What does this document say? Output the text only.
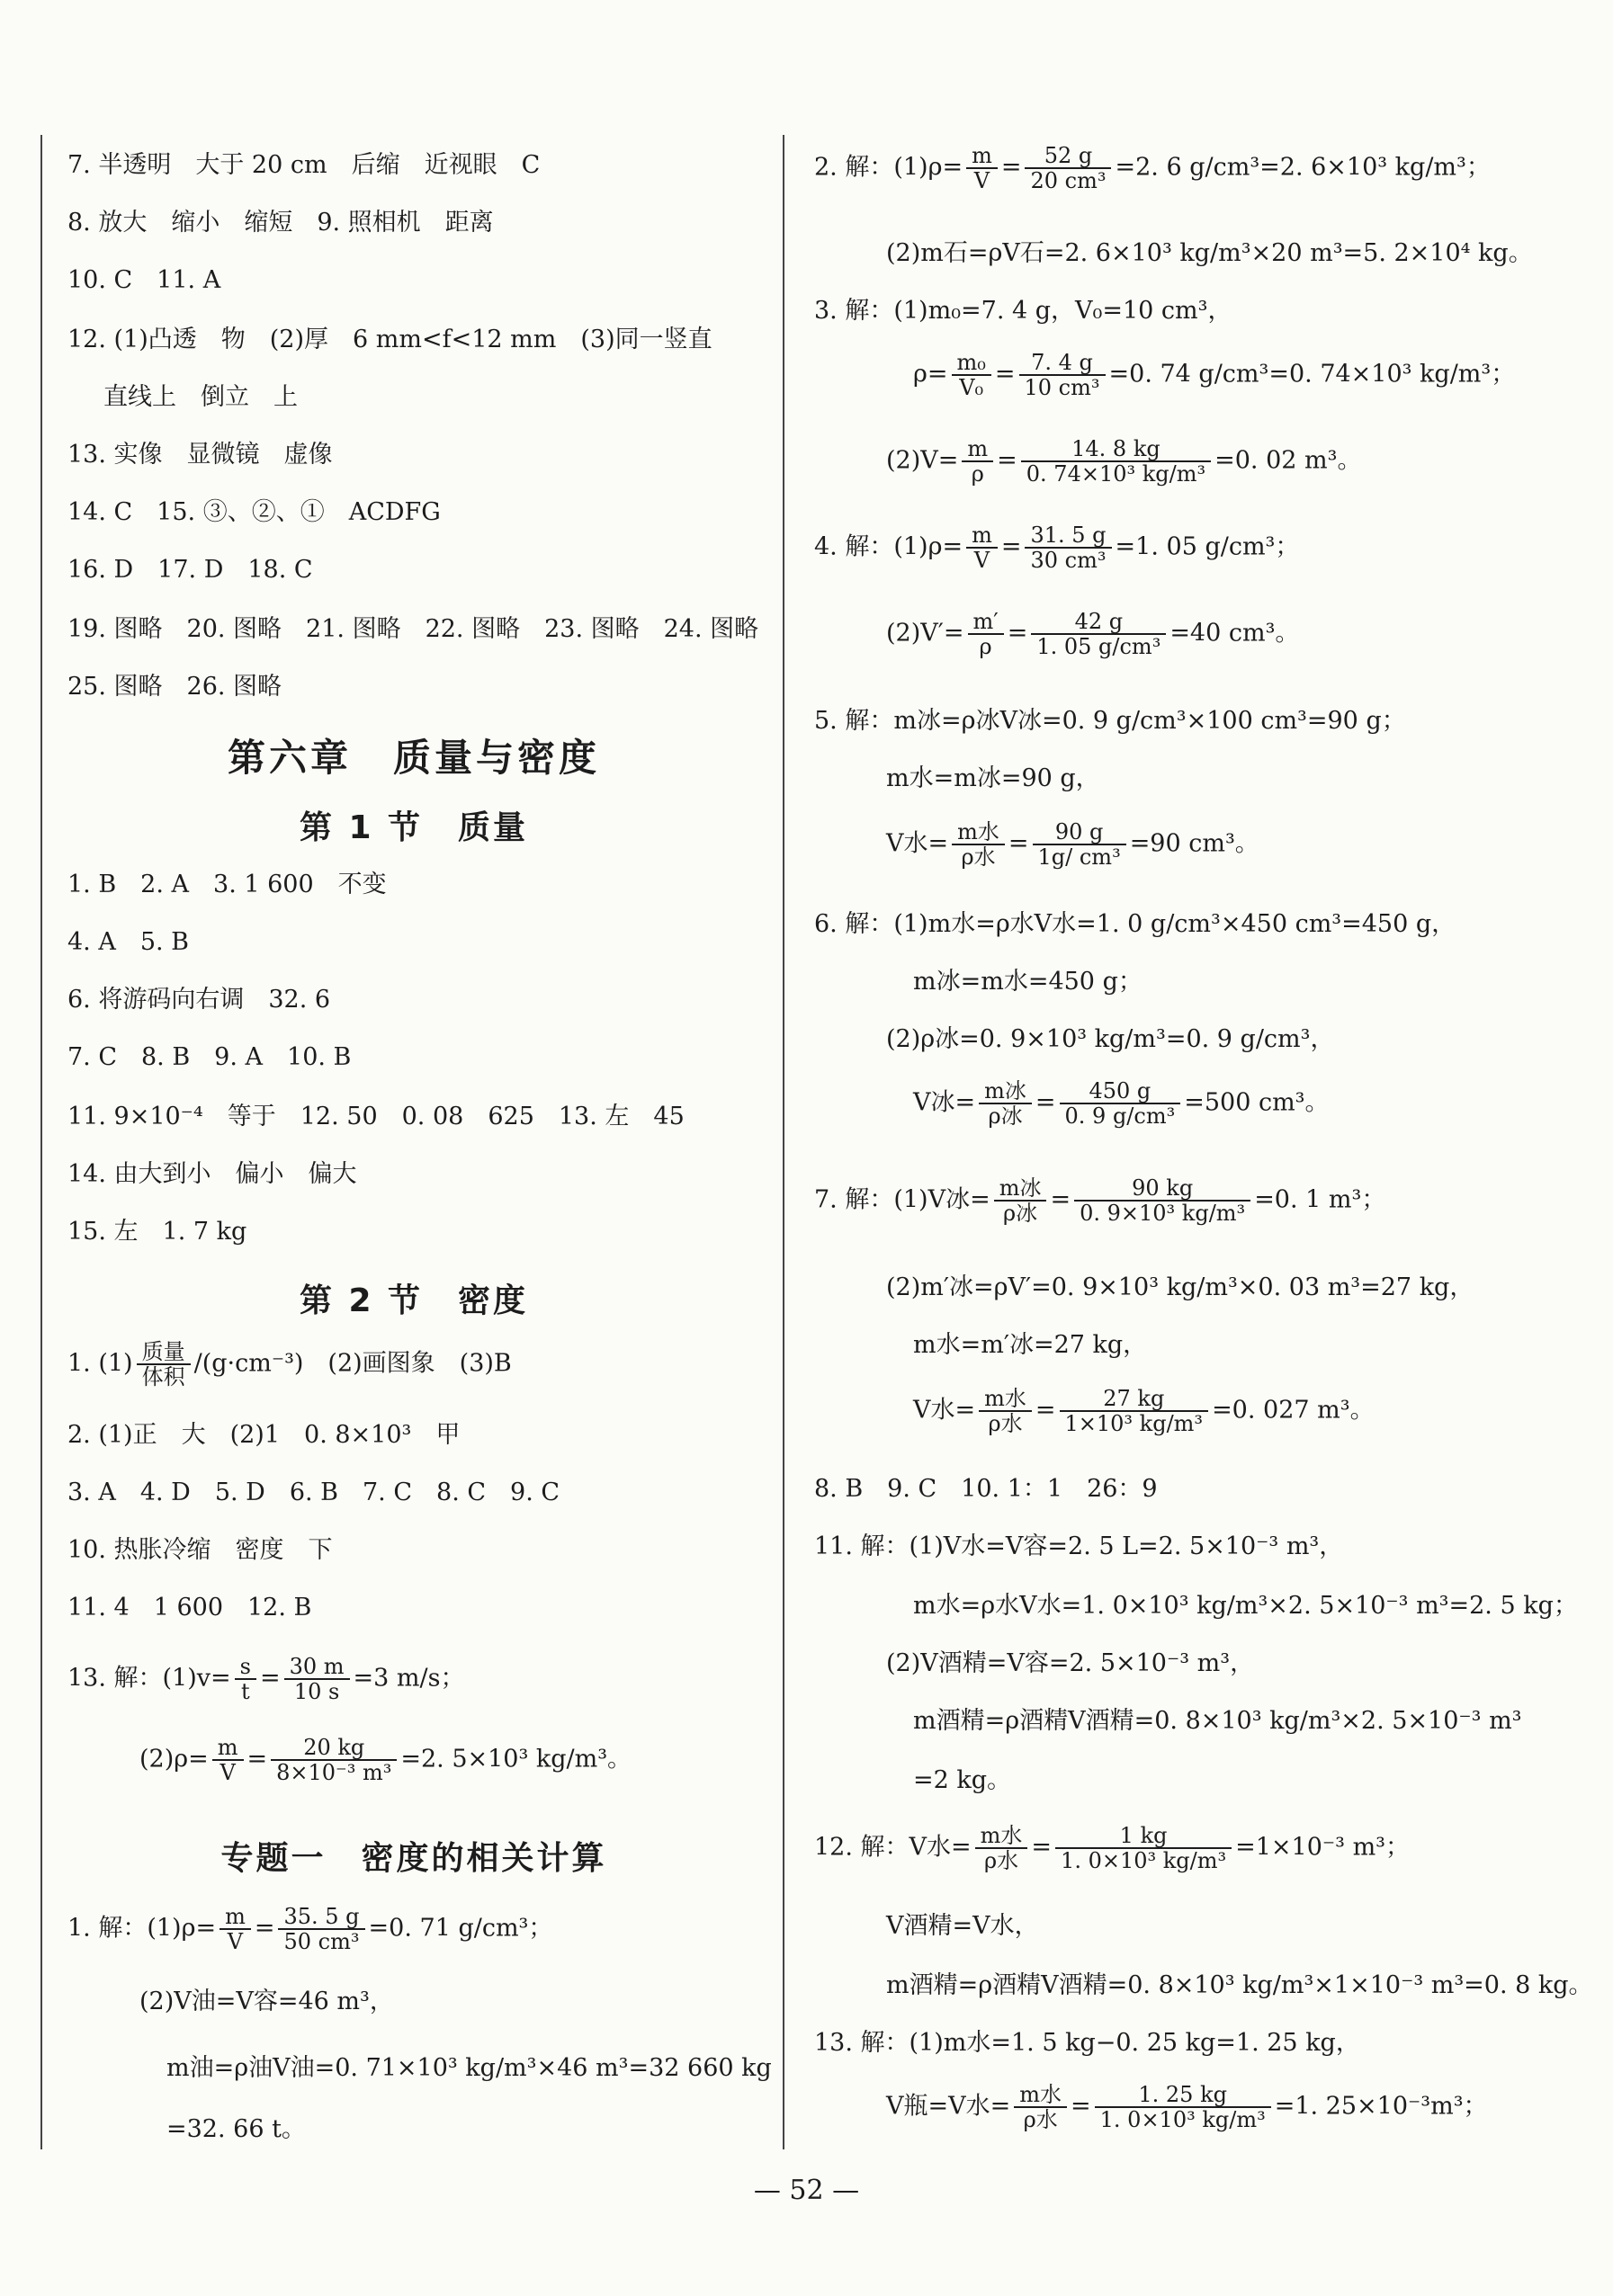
7. 半透明　大于 20 cm　后缩　近视眼　C
8. 放大　缩小　缩短　9. 照相机　距离
10. C　11. A
12. (1)凸透　物　(2)厚　6 mm<f<12 mm　(3)同一竖直
直线上　倒立　上
13. 实像　显微镜　虚像
14. C　15. ③、②、①　ACDFG
16. D　17. D　18. C
19. 图略　20. 图略　21. 图略　22. 图略　23. 图略　24. 图略
25. 图略　26. 图略
第六章　质量与密度
第 1 节　质量
1. B　2. A　3. 1 600　不变
4. A　5. B
6. 将游码向右调　32. 6
7. C　8. B　9. A　10. B
11. 9×10⁻⁴　等于　12. 50　0. 08　625　13. 左　45
14. 由大到小　偏小　偏大
15. 左　1. 7 kg
第 2 节　密度
1. $(1) \frac{\text{质量}}{\text{体积}} /(g\cdot cm^{-3})$　(2)画图象　(3)B
2. (1)正　大　(2)1　0. 8×10³　甲
3. A　4. D　5. D　6. B　7. C　8. C　9. C
10. 热胀冷缩　密度　下
11. 4　1 600　12. B
13. 解：$(1)v= \frac{s}{t} = \frac{30 m}{10 s} =3$ m/s；
$(2)\rho= \frac{m}{V} = \frac{20 kg}{\text{8×10⁻³ m³}} =2$. 5×10³ kg/m³。
专题一　密度的相关计算
1. 解：$(1)\rho= \frac{m}{V} = \frac{35. 5 g}{\text{50 cm³}} =0$. 71 g/cm³；
(2)V油=V容=46 m³，
m油=ρ油V油=0. 71×10³ kg/m³×46 m³=32 660 kg
=32. 66 t。
2. 解：$(1)\rho= \frac{m}{V} = \frac{52 g}{\text{20 cm³}} =2$. 6 g/cm³=2. 6×10³ kg/m³；
(2)m石=ρV石=2. 6×10³ kg/m³×20 m³=5. 2×10⁴ kg。
3. 解：(1)m₀=7. 4 g，V₀=10 cm³，
$\rho= \frac{\text{m₀}}{\text{V₀}} = \frac{7. 4 g}{\text{10 cm³}} =0$. 74 g/cm³=0. 74×10³ kg/m³；
$(2)V= \frac{m}{\rho} = \frac{14. 8 kg}{\text{0. 74×10³ kg/m³}} =0$. 02 m³。
4. 解：$(1)\rho= \frac{m}{V} = \frac{31. 5 g}{\text{30 cm³}} =1$. 05 g/cm³；
$(2)V'= \frac{m'}{\rho} = \frac{42 g}{\text{1. 05 g/cm³}} =40$ cm³。
5. 解：m冰=ρ冰V冰=0. 9 g/cm³×100 cm³=90 g；
m水=m冰=90 g，
V水= $\frac{\text{m水}}{\text{ρ水}} = \frac{90 g}{\text{1g/ cm³}} =90$ cm³。
6. 解：(1)m水=ρ水V水=1. 0 g/cm³×450 cm³=450 g，
m冰=m水=450 g；
(2)ρ冰=0. 9×10³ kg/m³=0. 9 g/cm³，
V冰= $\frac{\text{m冰}}{\text{ρ冰}} = \frac{450 g}{\text{0. 9 g/cm³}} =500$ cm³。
7. 解：(1)V冰= $\frac{\text{m冰}}{\text{ρ冰}} = \frac{90 kg}{\text{0. 9×10³ kg/m³}} =0$. 1 m³；
(2)m′冰=ρV′=0. 9×10³ kg/m³×0. 03 m³=27 kg，
m水=m′冰=27 kg，
V水= $\frac{\text{m水}}{\text{ρ水}} = \frac{27 kg}{\text{1×10³ kg/m³}} =0$. 027 m³。
8. B　9. C　10. 1：1　26：9
11. 解：(1)V水=V容=2. 5 L=2. 5×10⁻³ m³，
m水=ρ水V水=1. 0×10³ kg/m³×2. 5×10⁻³ m³=2. 5 kg；
(2)V酒精=V容=2. 5×10⁻³ m³，
m酒精=ρ酒精V酒精=0. 8×10³ kg/m³×2. 5×10⁻³ m³
=2 kg。
12. 解：V水= $\frac{\text{m水}}{\text{ρ水}} = \frac{1 kg}{\text{1. 0×10³ kg/m³}} =1\times 10^{-3}$ m³；
V酒精=V水，
m酒精=ρ酒精V酒精=0. 8×10³ kg/m³×1×10⁻³ m³=0. 8 kg。
13. 解：(1)m水=1. 5 kg−0. 25 kg=1. 25 kg，
V瓶=V水= $\frac{\text{m水}}{\text{ρ水}} = \frac{1. 25 kg}{\text{1. 0×10³ kg/m³}} =1$. 25×10⁻³m³；
— 52 —
